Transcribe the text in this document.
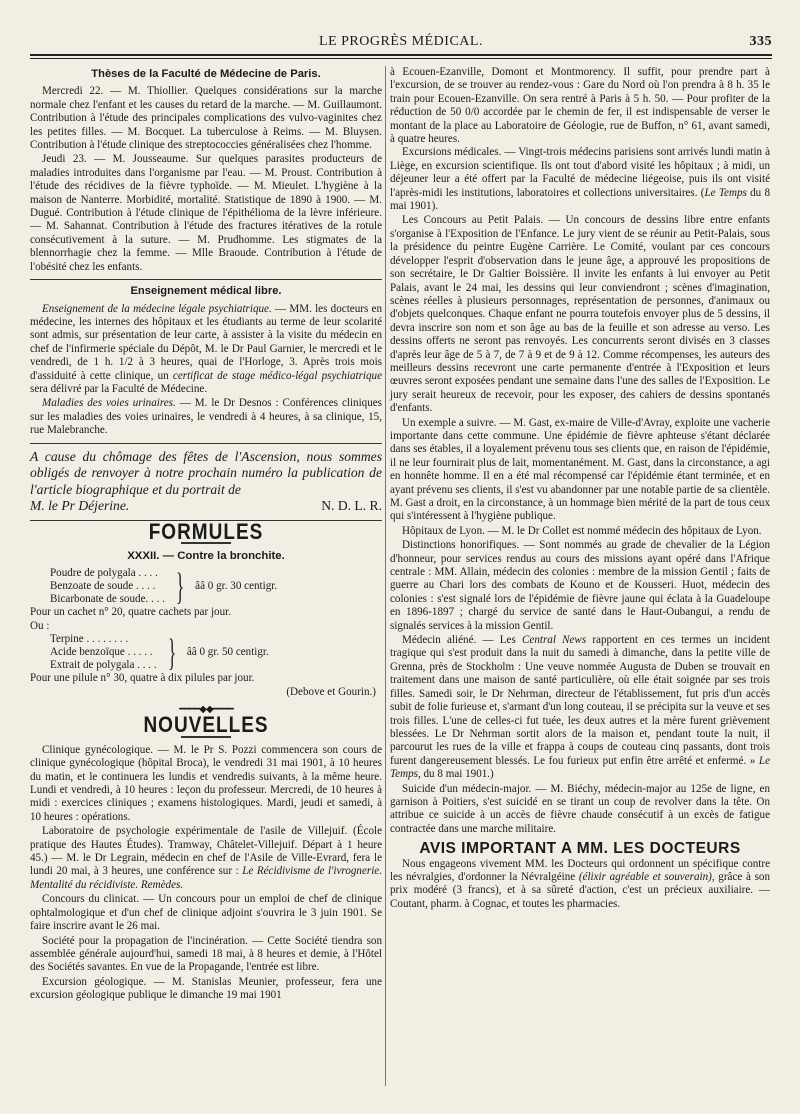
LE PROGRÈS MÉDICAL.	335
Thèses de la Faculté de Médecine de Paris.

Mercredi 22. — M. Thiollier. Quelques considérations sur la marche normale chez l'enfant et les causes du retard de la marche. — M. Guillaumont. Contribution à l'étude des principales complications des vulvo-vaginites chez les petites filles. — M. Bocquet. La tuberculose à Reims. — M. Bluysen. Contribution à l'étude clinique des streptococcies généralisées chez l'homme.

Jeudi 23. — M. Jousseaume. Sur quelques parasites producteurs de maladies introduites dans l'organisme par l'eau. — M. Proust. Contribution à l'étude des récidives de la fièvre typhoïde. — M. Mieulet. L'hygiène à la maison de Nanterre. Morbidité, mortalité. Statistique de 1890 à 1900. — M. Dugué. Contribution à l'étude clinique de l'épithélioma de la lèvre inférieure. — M. Sahannat. Contribution à l'étude des fractures itératives de la rotule consécutivement à la suture. — M. Prudhomme. Les stigmates de la blennorrhagie chez la femme. — Mlle Braoude. Contribution à l'étude de l'obésité chez les enfants.

Enseignement médical libre.

Enseignement de la médecine légale psychiatrique. — MM. les docteurs en médecine, les internes des hôpitaux et les étudiants au terme de leur scolarité sont admis, sur présentation de leur carte, à assister à la visite du médecin en chef de l'infirmerie spéciale du Dépôt, M. le Dr Paul Garnier, le mercredi et le vendredi, de 1 h. 1/2 à 3 heures, quai de l'Horloge, 3. Après trois mois d'assiduité à cette clinique, un certificat de stage médico-légal psychiatrique sera délivré par la Faculté de Médecine.

Maladies des voies urinaires. — M. le Dr Desnos : Conférences cliniques sur les maladies des voies urinaires, le vendredi à 4 heures, à sa clinique, 15, rue Malebranche.

A cause du chômage des fêtes de l'Ascension, nous sommes obligés de renvoyer à notre prochain numéro la publication de l'article biographique et du portrait de
M. le Pr Déjerine.	N. D. L. R.
FORMULES
XXXII. — Contre la bronchite.
Poudre de polygala . . . .
Benzoate de soude . . . .
Bicarbonate de soude. . . . } ââ 0 gr. 30 centigr.

Pour un cachet n° 20, quatre cachets par jour.

Ou :

Terpine . . . . . . . .
Acide benzoïque . . . . .
Extrait de polygala . . . . } ââ 0 gr. 50 centigr.

Pour une pilule n° 30, quatre à dix pilules par jour.

(Debove et Gourin.)

━━━━◆◆━━━━
NOUVELLES

Clinique gynécologique. — M. le Pr S. Pozzi commencera son cours de clinique gynécologique (hôpital Broca), le vendredi 31 mai 1901, à 10 heures du matin, et le continuera les lundis et vendredis suivants, à la même heure. Lundi et vendredi, à 10 heures : leçon du professeur. Mercredi, de 10 heures à midi : exercices cliniques ; examens histologiques. Mardi, jeudi et samedi, à 10 heures : opérations.

Laboratoire de psychologie expérimentale de l'asile de Villejuif. (École pratique des Hautes Études). Tramway, Châtelet-Villejuif. Départ à 1 heure 45.) — M. le Dr Legrain, médecin en chef de l'Asile de Ville-Evrard, fera le lundi 20 mai, à 3 heures, une conférence sur : Le Récidivisme de l'ivrognerie. Mentalité du récidiviste. Remèdes.

Concours du clinicat. — Un concours pour un emploi de chef de clinique ophtalmologique et d'un chef de clinique adjoint s'ouvrira le 3 juin 1901. Se faire inscrire avant le 26 mai.

Société pour la propagation de l'incinération. — Cette Société tiendra son assemblée générale aujourd'hui, samedi 18 mai, à 8 heures et demie, à l'Hôtel des Sociétés savantes. En vue de la Propagande, l'entrée est libre.

Excursion géologique. — M. Stanislas Meunier, professeur, fera une excursion géologique publique le dimanche 19 mai 1901

à Ecouen-Ezanville, Domont et Montmorency. Il suffit, pour prendre part à l'excursion, de se trouver au rendez-vous : Gare du Nord où l'on prendra à 8 h. 35 le train pour Ecouen-Ezanville. On sera rentré à Paris à 5 h. 50. — Pour profiter de la réduction de 50 0/0 accordée par le chemin de fer, il est indispensable de verser le montant de la place au Laboratoire de Géologie, rue de Buffon, n° 61, avant samedi, à quatre heures.

Excursions médicales. — Vingt-trois médecins parisiens sont arrivés lundi matin à Liège, en excursion scientifique. Ils ont tout d'abord visité les hôpitaux ; à midi, un déjeuner leur a été offert par la Faculté de médecine liégeoise, puis ils ont visité l'après-midi les institutions, laboratoires et collections universitaires. (Le Temps du 8 mai 1901).

Les Concours au Petit Palais. — Un concours de dessins libre entre enfants s'organise à l'Exposition de l'Enfance. Le jury vient de se réunir au Petit-Palais, sous la présidence du peintre Eugène Carrière. Le Comité, voulant par ces concours développer l'esprit d'observation dans le jeune âge, a approuvé les propositions de son secrétaire, le Dr Galtier Boissière. Il invite les enfants à lui envoyer au Petit Palais, avant le 24 mai, les dessins qui leur conviendront ; scènes d'imagination, scènes réelles à plusieurs personnages, représentation de personnes, d'animaux ou d'objets quelconques. Chaque enfant ne pourra toutefois envoyer plus de 5 dessins, il devra inscrire son nom et son âge au bas de la feuille et son adresse au verso. Les dessins offerts ne seront pas renvoyés. Les concurrents seront divisés en 3 classes d'après leur âge de 5 à 7, de 7 à 9 et de 9 à 12. Comme récompenses, les auteurs des meilleurs dessins recevront une carte permanente d'entrée à l'Exposition et leurs œuvres seront exposées pendant une semaine dans l'une des salles de l'Exposition. Le jury serait heureux de recevoir, pour les exposer, des cahiers de dessins spontanés d'enfants.

Un exemple a suivre. — M. Gast, ex-maire de Ville-d'Avray, exploite une vacherie importante dans cette commune. Une épidémie de fièvre aphteuse s'étant déclarée dans ses étables, il a loyalement prévenu tous ses clients que, en raison de l'épidémie, il ne leur fournirait plus de lait, momentanément. M. Gast, dans la circonstance, a agi en honnête homme. Il en a été mal récompensé car l'épidémie étant terminée, et en ayant prévenu ses clients, il s'est vu abandonner par une notable partie de sa clientèle. M. Gast a droit, en la circonstance, à un hommage bien mérité de la part de tous ceux qui s'intéressent à l'hygiène publique.

Hôpitaux de Lyon. — M. le Dr Collet est nommé médecin des hôpitaux de Lyon.

Distinctions honorifiques. — Sont nommés au grade de chevalier de la Légion d'honneur, pour services rendus au cours des missions ayant opéré dans l'Afrique centrale : MM. Allain, médecin des colonies : membre de la mission Gentil ; faits de guerre au Chari lors des combats de Kouno et de Kousseri. Huot, médecin des colonies : s'est signalé lors de l'épidémie de fièvre jaune qui éclata à la Guadeloupe en 1896-1897 ; chargé du service de santé dans le Haut-Oubangui, a rendu de signalés services à la mission Gentil.

Médecin aliéné. — Les Central News rapportent en ces termes un incident tragique qui s'est produit dans la nuit du samedi à dimanche, dans la petite ville de Grenna, près de Stockholm : Une veuve nommée Augusta de Duben se trouvait en traitement dans une maison de santé particulière, où elle était soignée par ses trois filles. Samedi soir, le Dr Nehrman, directeur de l'établissement, fut pris d'un accès subit de folie furieuse et, s'armant d'un long couteau, il se précipita sur la veuve et ses trois filles. L'une de celles-ci fut tuée, les deux autres et la mère furent grièvement blessées. Le Dr Nehrman sortit alors de la maison et, pendant toute la nuit, il parcourut les rues de la ville et frappa à coups de couteau cinq passants, dont trois furent dangereusement blessés. Le fou furieux put enfin être arrêté et enfermé. » Le Temps, du 8 mai 1901.)

Suicide d'un médecin-major. — M. Biéchy, médecin-major au 125e de ligne, en garnison à Poitiers, s'est suicidé en se tirant un coup de revolver dans la tête. On attribue ce suicide à un accès de fièvre chaude consécutif à un excès de fatigue contractée dans une marche militaire.

AVIS IMPORTANT A MM. LES DOCTEURS

Nous engageons vivement MM. les Docteurs qui ordonnent un spécifique contre les névralgies, d'ordonner la Névralgéine (élixir agréable et souverain), grâce à son prix modéré (3 francs), et à sa sûreté d'action, c'est un précieux auxiliaire. — Coutant, pharm. à Cognac, et toutes les pharmacies.
